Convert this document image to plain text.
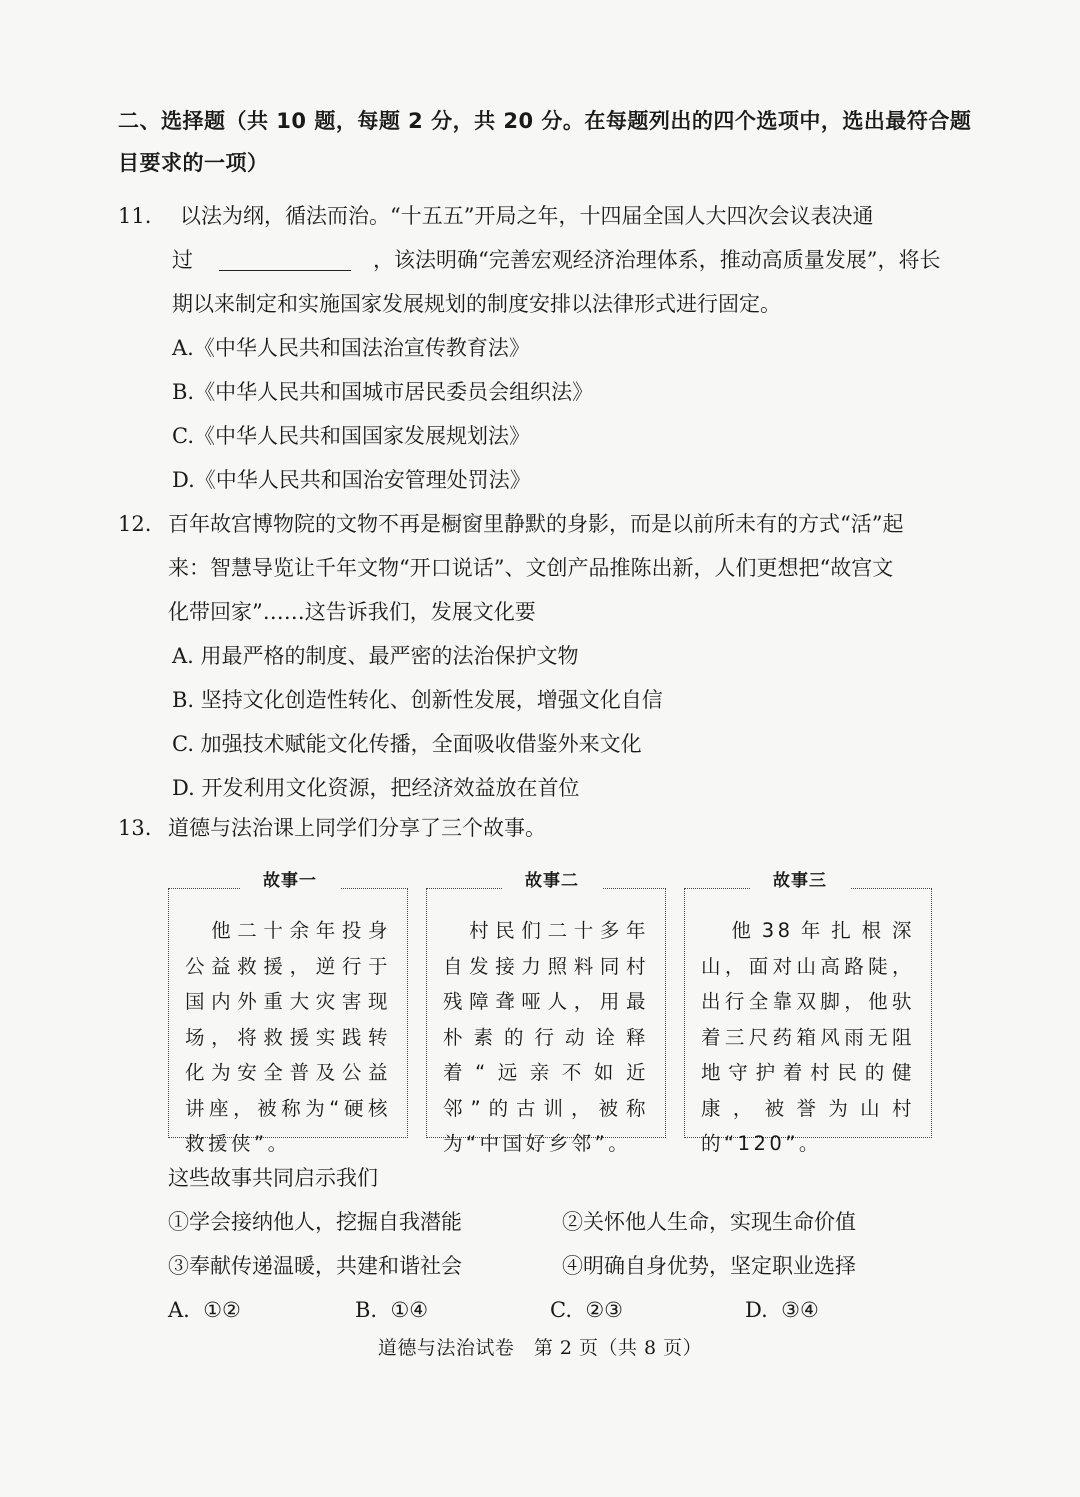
二、选择题（共 10 题，每题 2 分，共 20 分。在每题列出的四个选项中，选出最符合题
目要求的一项）
11. 以法为纲，循法而治。“十五五”开局之年，十四届全国人大四次会议表决通
过	，该法明确“完善宏观经济治理体系，推动高质量发展”，将长
期以来制定和实施国家发展规划的制度安排以法律形式进行固定。
A.《中华人民共和国法治宣传教育法》
B.《中华人民共和国城市居民委员会组织法》
C.《中华人民共和国国家发展规划法》
D.《中华人民共和国治安管理处罚法》
12. 百年故宫博物院的文物不再是橱窗里静默的身影，而是以前所未有的方式“活”起
来：智慧导览让千年文物“开口说话”、文创产品推陈出新，人们更想把“故宫文
化带回家”……这告诉我们，发展文化要
A. 用最严格的制度、最严密的法治保护文物
B. 坚持文化创造性转化、创新性发展，增强文化自信
C. 加强技术赋能文化传播，全面吸收借鉴外来文化
D. 开发利用文化资源，把经济效益放在首位
13. 道德与法治课上同学们分享了三个故事。
　他二十余年投身公益救援，逆行于国内外重大灾害现场，将救援实践转化为安全普及公益讲座，被称为“硬核救援侠”。
故事一
　村民们二十多年自发接力照料同村残障聋哑人，用最朴素的行动诠释着“远亲不如近邻”的古训，被称为“中国好乡邻”。
故事二
　他38年扎根深山，面对山高路陡，出行全靠双脚，他驮着三尺药箱风雨无阻地守护着村民的健康，被誉为山村的“120”。
故事三
这些故事共同启示我们
①学会接纳他人，挖掘自我潜能	②关怀他人生命，实现生命价值
③奉献传递温暖，共建和谐社会	④明确自身优势，坚定职业选择
A.  ①②	B.  ①④	C.  ②③	D.  ③④
道德与法治试卷　第 2 页（共 8 页）
